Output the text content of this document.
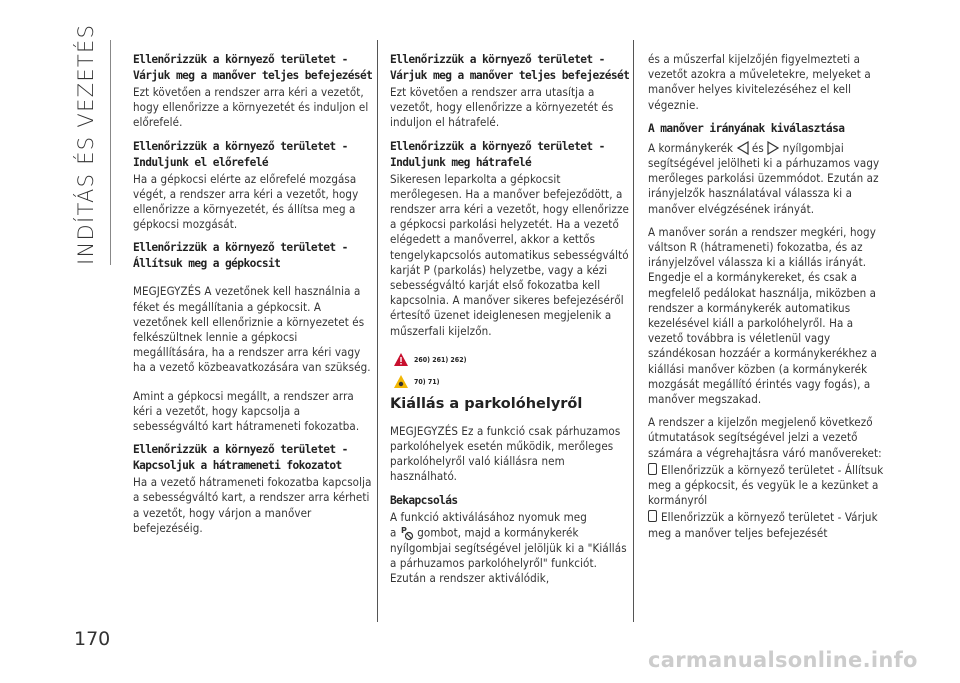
INDÍTÁS ÉS VEZETÉS
170
Ellenőrizzük a környező területet - Várjuk meg a manőver teljes befejezését
Ezt követően a rendszer arra kéri a vezetőt, hogy ellenőrizze a környezetét és induljon el előrefelé.
Ellenőrizzük a környező területet - Induljunk el előrefelé
Ha a gépkocsi elérte az előrefelé mozgása végét, a rendszer arra kéri a vezetőt, hogy ellenőrizze a környezetét, és állítsa meg a gépkocsi mozgását.
Ellenőrizzük a környező területet - Állítsuk meg a gépkocsit
MEGJEGYZÉS A vezetőnek kell használnia a féket és megállítania a gépkocsit. A vezetőnek kell ellenőriznie a környezetet és felkészültnek lennie a gépkocsi megállítására, ha a rendszer arra kéri vagy ha a vezető közbeavatkozására van szükség.
Amint a gépkocsi megállt, a rendszer arra kéri a vezetőt, hogy kapcsolja a sebességváltó kart hátrameneti fokozatba.
Ellenőrizzük a környező területet - Kapcsoljuk a hátrameneti fokozatot
Ha a vezető hátrameneti fokozatba kapcsolja a sebességváltó kart, a rendszer arra kérheti a vezetőt, hogy várjon a manőver befejezéséig.
Ellenőrizzük a környező területet - Várjuk meg a manőver teljes befejezését
Ezt követően a rendszer arra utasítja a vezetőt, hogy ellenőrizze a környezetét és induljon el hátrafelé.
Ellenőrizzük a környező területet - Induljunk meg hátrafelé
Sikeresen leparkolta a gépkocsit merőlegesen. Ha a manőver befejeződött, a rendszer arra kéri a vezetőt, hogy ellenőrizze a gépkocsi parkolási helyzetét. Ha a vezető elégedett a manőverrel, akkor a kettős tengelykapcsolós automatikus sebességváltó karját P (parkolás) helyzetbe, vagy a kézi sebességváltó karját első fokozatba kell kapcsolnia. A manőver sikeres befejezéséről értesítő üzenet ideiglenesen megjelenik a műszerfali kijelzőn.
260) 261) 262)
70) 71)
Kiállás a parkolóhelyről
MEGJEGYZÉS Ez a funkció csak párhuzamos parkolóhelyek esetén működik, merőleges parkolóhelyről való kiállásra nem használható.
Bekapcsolás
A funkció aktiválásához nyomuk meg
a P gombot, majd a kormánykerék nyílgombjai segítségével jelöljük ki a "Kiállás a párhuzamos parkolóhelyről" funkciót. Ezután a rendszer aktiválódik,
és a műszerfal kijelzőjén figyelmezteti a vezetőt azokra a műveletekre, melyeket a manőver helyes kivitelezéséhez el kell végeznie.
A manőver irányának kiválasztása
A kormánykerék és nyílgombjai segítségével jelölheti ki a párhuzamos vagy merőleges parkolási üzemmódot. Ezután az irányjelzők használatával válassza ki a manőver elvégzésének irányát.
A manőver során a rendszer megkéri, hogy váltson R (hátrameneti) fokozatba, és az irányjelzővel válassza ki a kiállás irányát. Engedje el a kormánykereket, és csak a megfelelő pedálokat használja, miközben a rendszer a kormánykerék automatikus kezelésével kiáll a parkolóhelyről. Ha a vezető továbbra is véletlenül vagy szándékosan hozzáér a kormánykerékhez a kiállási manőver közben (a kormánykerék mozgását megállító érintés vagy fogás), a manőver megszakad.
A rendszer a kijelzőn megjelenő következő útmutatások segítségével jelzi a vezető számára a végrehajtásra váró manővereket:
Ellenőrizzük a környező területet - Állítsuk meg a gépkocsit, és vegyük le a kezünket a kormányról
Ellenőrizzük a környező területet - Várjuk meg a manőver teljes befejezését
carmanualsonline.info
